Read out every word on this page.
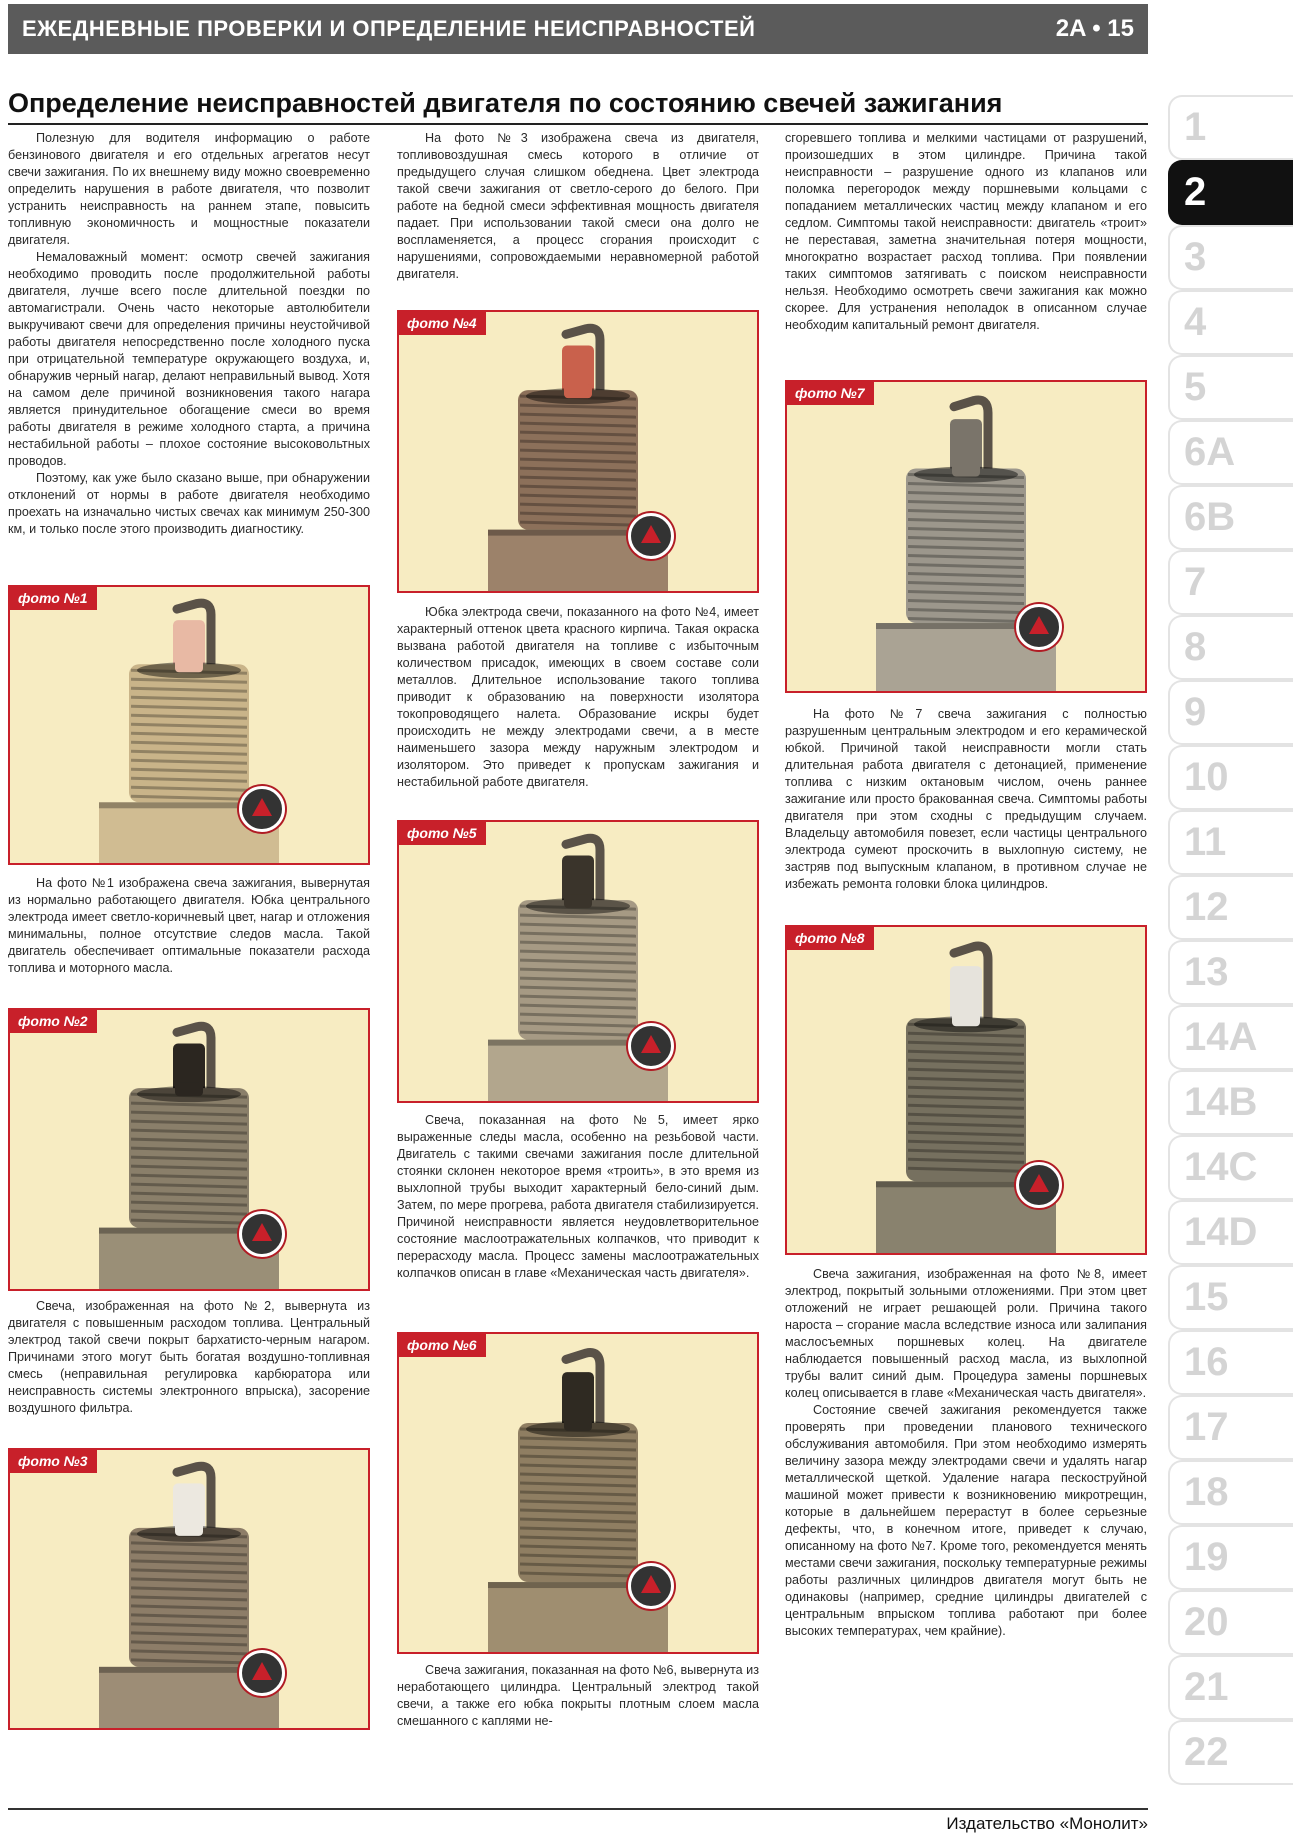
ЕЖЕДНЕВНЫЕ ПРОВЕРКИ И ОПРЕДЕЛЕНИЕ НЕИСПРАВНОСТЕЙ	2A • 15
Определение неисправностей двигателя по состоянию свечей зажигания

Полезную для водителя информацию о работе бензинового двигателя и его отдельных агрегатов несут свечи зажигания. По их внешнему виду можно своевременно определить нарушения в работе двигателя, что позволит устранить неисправность на раннем этапе, повысить топливную экономичность и мощностные показатели двигателя.

Немаловажный момент: осмотр свечей зажигания необходимо проводить после продолжительной работы двигателя, лучше всего после длительной поездки по автомагистрали. Очень часто некоторые автолюбители выкручивают свечи для определения причины неустойчивой работы двигателя непосредственно после холодного пуска при отрицательной температуре окружающего воздуха, и, обнаружив черный нагар, делают неправильный вывод. Хотя на самом деле причиной возникновения такого нагара является принудительное обогащение смеси во время работы двигателя в режиме холодного старта, а причина нестабильной работы – плохое состояние высоковольтных проводов.

Поэтому, как уже было сказано выше, при обнаружении отклонений от нормы в работе двигателя необходимо проехать на изначально чистых свечах как минимум 250-300 км, и только после этого производить диагностику.

На фото №1 изображена свеча зажигания, вывернутая из нормально работающего двигателя. Юбка центрального электрода имеет светло-коричневый цвет, нагар и отложения минимальны, полное отсутствие следов масла. Такой двигатель обеспечивает оптимальные показатели расхода топлива и моторного масла.

Свеча, изображенная на фото №2, вывернута из двигателя с повышенным расходом топлива. Центральный электрод такой свечи покрыт бархатисто-черным нагаром. Причинами этого могут быть богатая воздушно-топливная смесь (неправильная регулировка карбюратора или неисправность системы электронного впрыска), засорение воздушного фильтра.

На фото №3 изображена свеча из двигателя, топливовоздушная смесь которого в отличие от предыдущего случая слишком обеднена. Цвет электрода такой свечи зажигания от светло-серого до белого. При работе на бедной смеси эффективная мощность двигателя падает. При использовании такой смеси она долго не воспламеняется, а процесс сгорания происходит с нарушениями, сопровождаемыми неравномерной работой двигателя.

Юбка электрода свечи, показанного на фото №4, имеет характерный оттенок цвета красного кирпича. Такая окраска вызвана работой двигателя на топливе с избыточным количеством присадок, имеющих в своем составе соли металлов. Длительное использование такого топлива приводит к образованию на поверхности изолятора токопроводящего налета. Образование искры будет происходить не между электродами свечи, а в месте наименьшего зазора между наружным электродом и изолятором. Это приведет к пропускам зажигания и нестабильной работе двигателя.

Свеча, показанная на фото №5, имеет ярко выраженные следы масла, особенно на резьбовой части. Двигатель с такими свечами зажигания после длительной стоянки склонен некоторое время «троить», в это время из выхлопной трубы выходит характерный бело-синий дым. Затем, по мере прогрева, работа двигателя стабилизируется. Причиной неисправности является неудовлетворительное состояние маслоотражательных колпачков, что приводит к перерасходу масла. Процесс замены маслоотражательных колпачков описан в главе «Механическая часть двигателя».

Свеча зажигания, показанная на фото №6, вывернута из неработающего цилиндра. Центральный электрод такой свечи, а также его юбка покрыты плотным слоем масла смешанного с каплями не-

сгоревшего топлива и мелкими частицами от разрушений, произошедших в этом цилиндре. Причина такой неисправности – разрушение одного из клапанов или поломка перегородок между поршневыми кольцами с попаданием металлических частиц между клапаном и его седлом. Симптомы такой неисправности: двигатель «троит» не переставая, заметна значительная потеря мощности, многократно возрастает расход топлива. При появлении таких симптомов затягивать с поиском неисправности нельзя. Необходимо осмотреть свечи зажигания как можно скорее. Для устранения неполадок в описанном случае необходим капитальный ремонт двигателя.

На фото №7 свеча зажигания с полностью разрушенным центральным электродом и его керамической юбкой. Причиной такой неисправности могли стать длительная работа двигателя с детонацией, применение топлива с низким октановым числом, очень раннее зажигание или просто бракованная свеча. Симптомы работы двигателя при этом сходны с предыдущим случаем. Владельцу автомобиля повезет, если частицы центрального электрода сумеют проскочить в выхлопную систему, не застряв под выпускным клапаном, в противном случае не избежать ремонта головки блока цилиндров.

Свеча зажигания, изображенная на фото №8, имеет электрод, покрытый зольными отложениями. При этом цвет отложений не играет решающей роли. Причина такого нароста – сгорание масла вследствие износа или залипания маслосъемных поршневых колец. На двигателе наблюдается повышенный расход масла, из выхлопной трубы валит синий дым. Процедура замены поршневых колец описывается в главе «Механическая часть двигателя».

Состояние свечей зажигания рекомендуется также проверять при проведении планового технического обслуживания автомобиля. При этом необходимо измерять величину зазора между электродами свечи и удалять нагар металлической щеткой. Удаление нагара пескоструйной машиной может привести к возникновению микротрещин, которые в дальнейшем перерастут в более серьезные дефекты, что, в конечном итоге, приведет к случаю, описанному на фото №7. Кроме того, рекомендуется менять местами свечи зажигания, поскольку температурные режимы работы различных цилиндров двигателя могут быть не одинаковы (например, средние цилиндры двигателей с центральным впрыском топлива работают при более высоких температурах, чем крайние).

фото №1
фото №2
фото №3
фото №4
фото №5
фото №6
фото №7
фото №8
1
2
3
4
5
6A
6B
7
8
9
10
11
12
13
14A
14B
14C
14D
15
16
17
18
19
20
21
22
Издательство «Монолит»
